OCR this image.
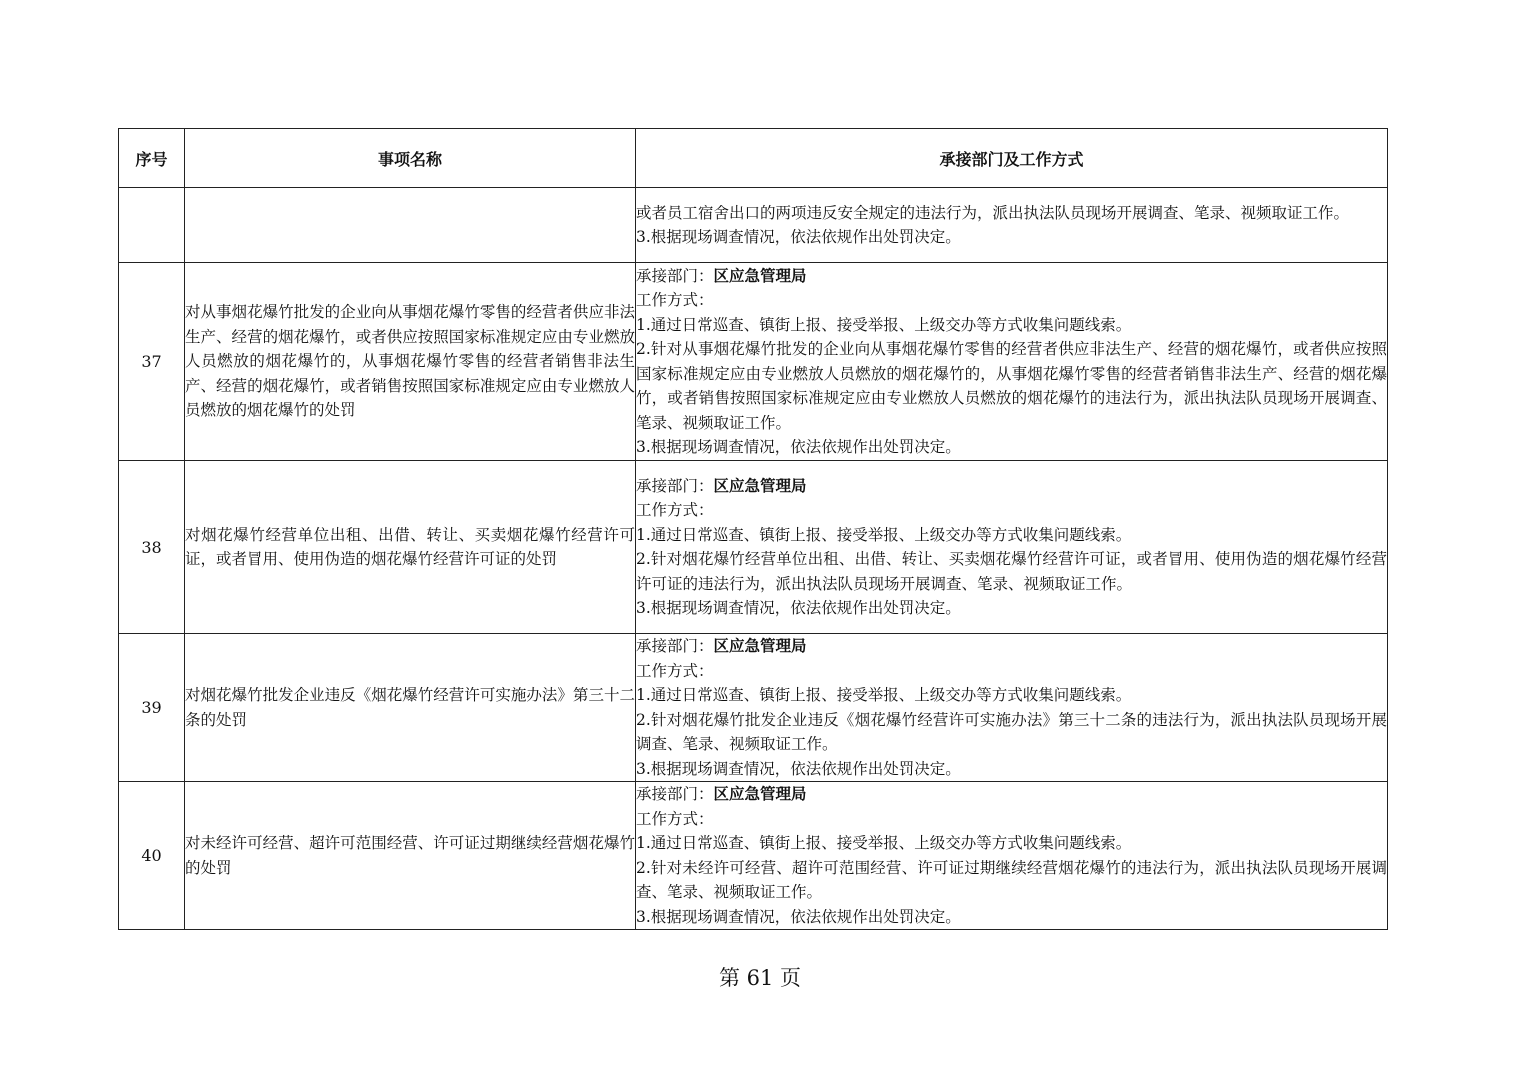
序号	事项名称	承接部门及工作方式

		或者员工宿舍出口的两项违反安全规定的违法行为，派出执法队员现场开展调查、笔录、视频取证工作。
3.根据现场调查情况，依法依规作出处罚决定。

37	对从事烟花爆竹批发的企业向从事烟花爆竹零售的经营者供应非法生产、经营的烟花爆竹，或者供应按照国家标准规定应由专业燃放人员燃放的烟花爆竹的，从事烟花爆竹零售的经营者销售非法生产、经营的烟花爆竹，或者销售按照国家标准规定应由专业燃放人员燃放的烟花爆竹的处罚	承接部门：区应急管理局
工作方式：
1.通过日常巡查、镇街上报、接受举报、上级交办等方式收集问题线索。
2.针对从事烟花爆竹批发的企业向从事烟花爆竹零售的经营者供应非法生产、经营的烟花爆竹，或者供应按照国家标准规定应由专业燃放人员燃放的烟花爆竹的，从事烟花爆竹零售的经营者销售非法生产、经营的烟花爆竹，或者销售按照国家标准规定应由专业燃放人员燃放的烟花爆竹的违法行为，派出执法队员现场开展调查、笔录、视频取证工作。
3.根据现场调查情况，依法依规作出处罚决定。

38	对烟花爆竹经营单位出租、出借、转让、买卖烟花爆竹经营许可证，或者冒用、使用伪造的烟花爆竹经营许可证的处罚	承接部门：区应急管理局
工作方式：
1.通过日常巡查、镇街上报、接受举报、上级交办等方式收集问题线索。
2.针对烟花爆竹经营单位出租、出借、转让、买卖烟花爆竹经营许可证，或者冒用、使用伪造的烟花爆竹经营许可证的违法行为，派出执法队员现场开展调查、笔录、视频取证工作。
3.根据现场调查情况，依法依规作出处罚决定。

39	对烟花爆竹批发企业违反《烟花爆竹经营许可实施办法》第三十二条的处罚	承接部门：区应急管理局
工作方式：
1.通过日常巡查、镇街上报、接受举报、上级交办等方式收集问题线索。
2.针对烟花爆竹批发企业违反《烟花爆竹经营许可实施办法》第三十二条的违法行为，派出执法队员现场开展调查、笔录、视频取证工作。
3.根据现场调查情况，依法依规作出处罚决定。

40	对未经许可经营、超许可范围经营、许可证过期继续经营烟花爆竹的处罚	承接部门：区应急管理局
工作方式：
1.通过日常巡查、镇街上报、接受举报、上级交办等方式收集问题线索。
2.针对未经许可经营、超许可范围经营、许可证过期继续经营烟花爆竹的违法行为，派出执法队员现场开展调查、笔录、视频取证工作。
3.根据现场调查情况，依法依规作出处罚决定。
第 61 页
